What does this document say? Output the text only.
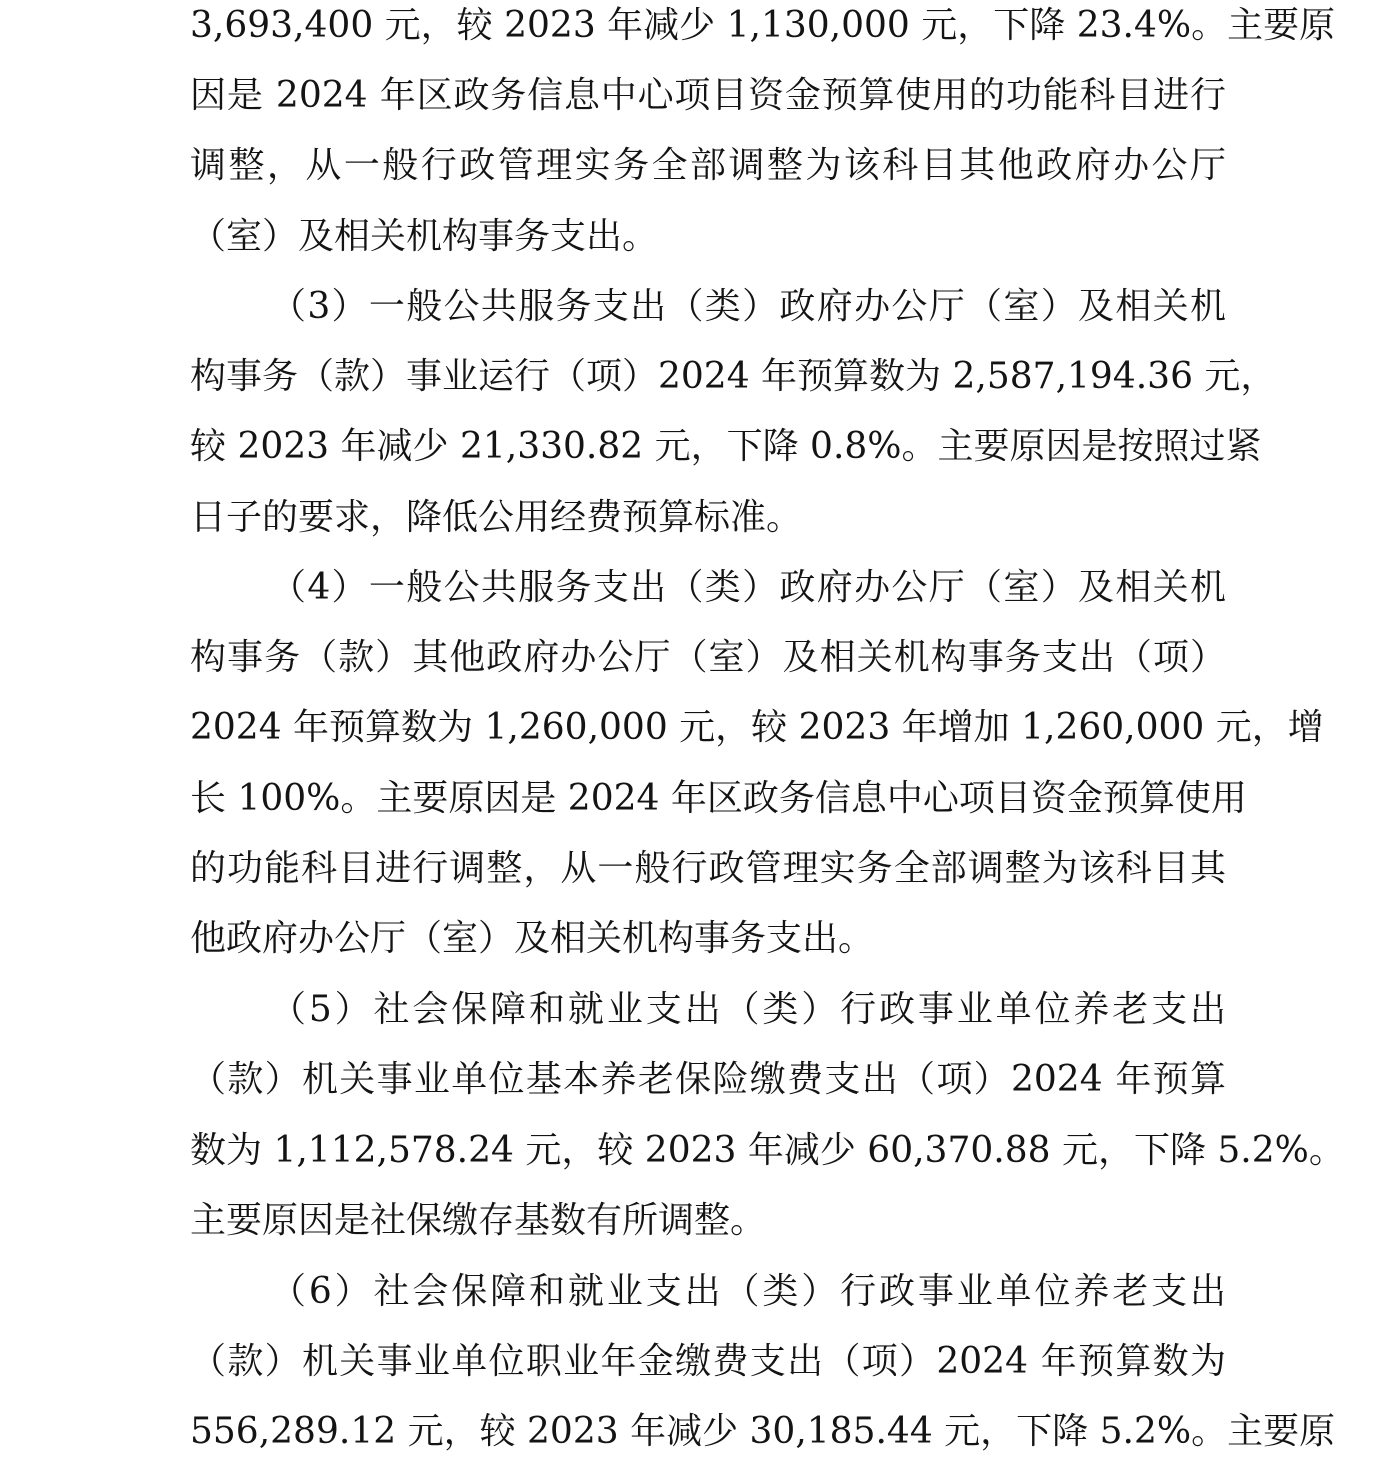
3,693,400 元，较 2023 年减少 1,130,000 元，下降 23.4%。主要原
因是 2024 年区政务信息中心项目资金预算使用的功能科目进行
调整，从一般行政管理实务全部调整为该科目其他政府办公厅
（室）及相关机构事务支出。
（3）一般公共服务支出（类）政府办公厅（室）及相关机
构事务（款）事业运行（项）2024 年预算数为 2,587,194.36 元，
较 2023 年减少 21,330.82 元，下降 0.8%。主要原因是按照过紧
日子的要求，降低公用经费预算标准。
（4）一般公共服务支出（类）政府办公厅（室）及相关机
构事务（款）其他政府办公厅（室）及相关机构事务支出（项）
2024 年预算数为 1,260,000 元，较 2023 年增加 1,260,000 元，增
长 100%。主要原因是 2024 年区政务信息中心项目资金预算使用
的功能科目进行调整，从一般行政管理实务全部调整为该科目其
他政府办公厅（室）及相关机构事务支出。
（5）社会保障和就业支出（类）行政事业单位养老支出
（款）机关事业单位基本养老保险缴费支出（项）2024 年预算
数为 1,112,578.24 元，较 2023 年减少 60,370.88 元，下降 5.2%。
主要原因是社保缴存基数有所调整。
（6）社会保障和就业支出（类）行政事业单位养老支出
（款）机关事业单位职业年金缴费支出（项）2024 年预算数为
556,289.12 元，较 2023 年减少 30,185.44 元，下降 5.2%。主要原
